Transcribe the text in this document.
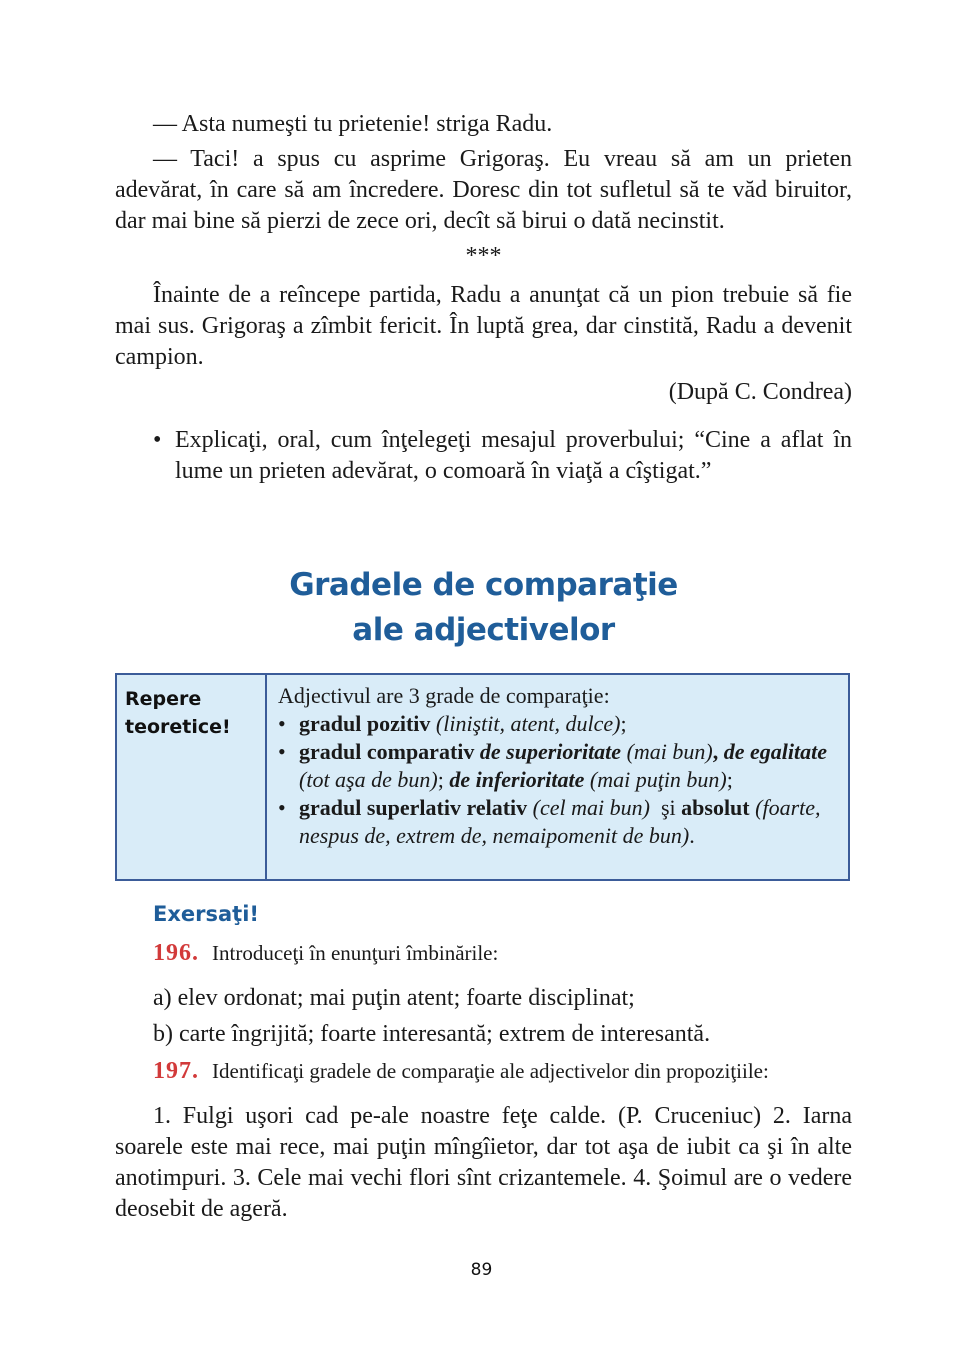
— Asta numeşti tu prietenie! striga Radu.

— Taci! a spus cu asprime Grigoraş. Eu vreau să am un prieten adevărat, în care să am încredere. Doresc din tot sufletul să te văd biruitor, dar mai bine să pierzi de zece ori, decît să birui o dată necinstit.

***

Înainte de a reîncepe partida, Radu a anunţat că un pion trebuie să fie mai sus. Grigoraş a zîmbit fericit. În luptă grea, dar cinstită, Radu a devenit campion.

(După C. Condrea)
• Explicaţi, oral, cum înţelegeţi mesajul proverbului; “Cine a aflat în lume un prieten adevărat, o comoară în viaţă a cîştigat.”
Gradele de comparaţie
ale adjectivelor
Repere
teoretice!

Adjectivul are 3 grade de comparaţie:

• gradul pozitiv (liniştit, atent, dulce);
• gradul comparativ de superioritate (mai bun), de egalitate (tot aşa de bun); de inferioritate (mai puţin bun);
• gradul superlativ relativ (cel mai bun) şi absolut (foarte, nespus de, extrem de, nemaipomenit de bun).
Exersaţi!
196. Introduceţi în enunţuri îmbinările:
a) elev ordonat; mai puţin atent; foarte disciplinat;
b) carte îngrijită; foarte interesantă; extrem de interesantă.
197. Identificaţi gradele de comparaţie ale adjectivelor din propoziţiile:

1. Fulgi uşori cad pe-ale noastre feţe calde. (P. Cruceniuc) 2. Iarna soarele este mai rece, mai puţin mîngîietor, dar tot aşa de iubit ca şi în alte anotimpuri. 3. Cele mai vechi flori sînt crizantemele. 4. Şoimul are o vedere deosebit de ageră.

89
